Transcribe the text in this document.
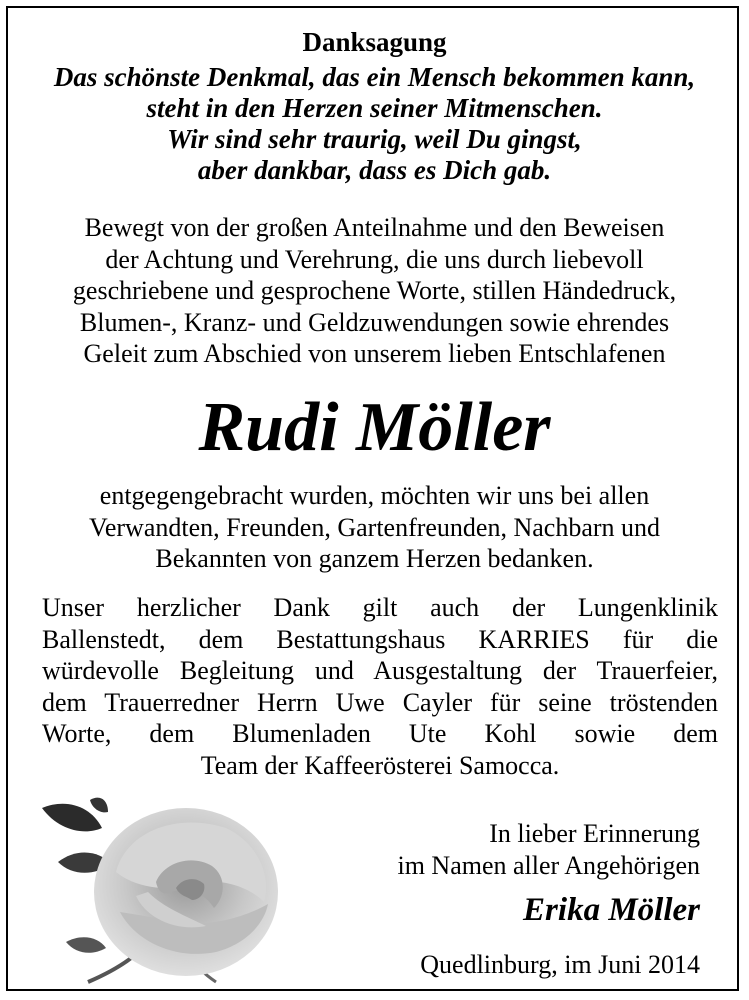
Danksagung
Das schönste Denkmal, das ein Mensch bekommen kann,
steht in den Herzen seiner Mitmenschen.
Wir sind sehr traurig, weil Du gingst,
aber dankbar, dass es Dich gab.
Bewegt von der großen Anteilnahme und den Beweisen
der Achtung und Verehrung, die uns durch liebevoll
geschriebene und gesprochene Worte, stillen Händedruck,
Blumen-, Kranz- und Geldzuwendungen sowie ehrendes
Geleit zum Abschied von unserem lieben Entschlafenen
Rudi Möller
entgegengebracht wurden, möchten wir uns bei allen
Verwandten, Freunden, Gartenfreunden, Nachbarn und
Bekannten von ganzem Herzen bedanken.
Unser herzlicher Dank gilt auch der Lungenklinik
Ballenstedt, dem Bestattungshaus KARRIES für die
würdevolle Begleitung und Ausgestaltung der Trauerfeier,
dem Trauerredner Herrn Uwe Cayler für seine tröstenden
Worte, dem Blumenladen Ute Kohl sowie dem
Team der Kaffeerösterei Samocca.
In lieber Erinnerung
im Namen aller Angehörigen
Erika Möller
Quedlinburg, im Juni 2014
